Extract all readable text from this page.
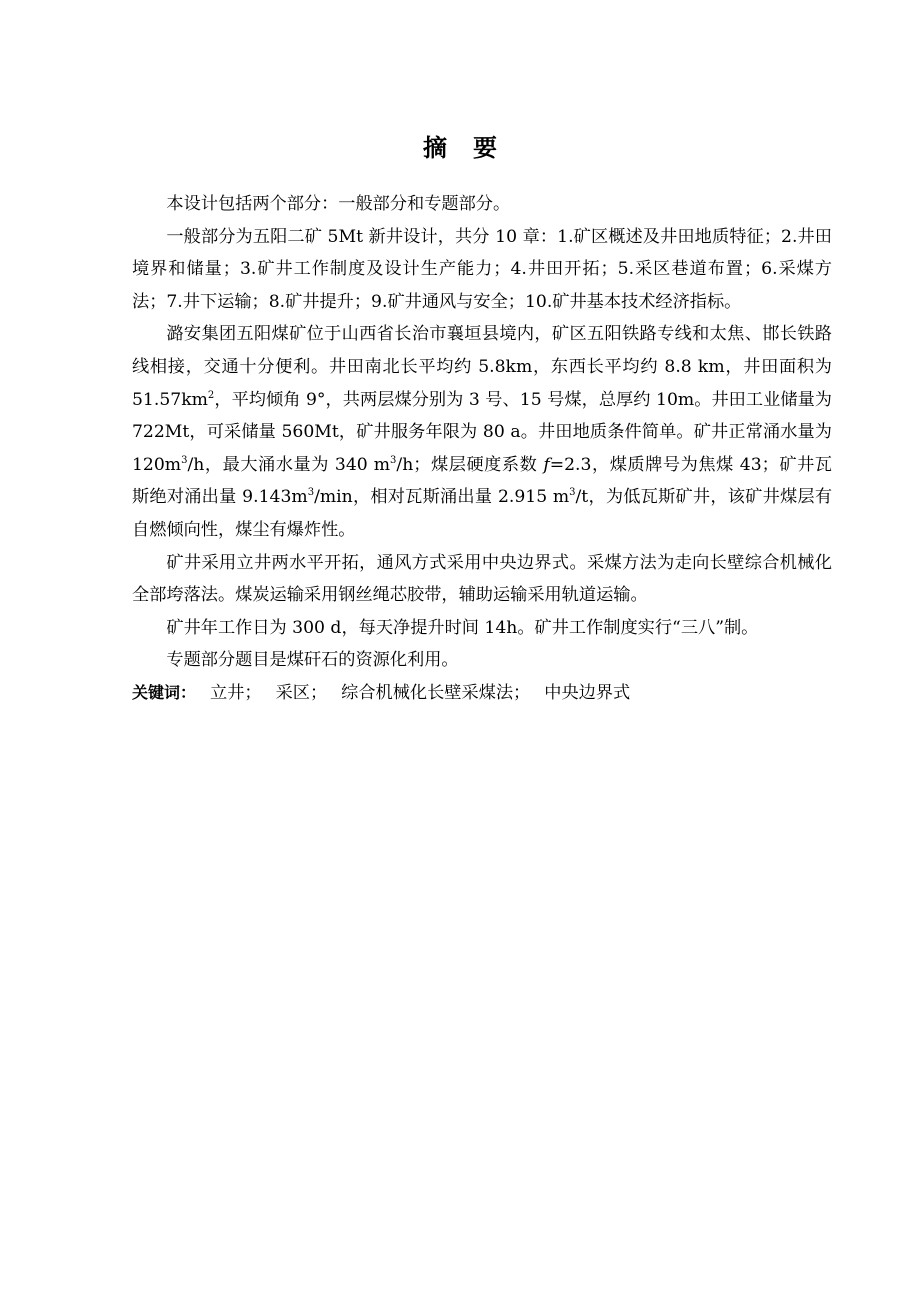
摘 要

本设计包括两个部分：一般部分和专题部分。

一般部分为五阳二矿 5Mt 新井设计，共分 10 章：1.矿区概述及井田地质特征；2.井田境界和储量；3.矿井工作制度及设计生产能力；4.井田开拓；5.采区巷道布置；6.采煤方法；7.井下运输；8.矿井提升；9.矿井通风与安全；10.矿井基本技术经济指标。

潞安集团五阳煤矿位于山西省长治市襄垣县境内，矿区五阳铁路专线和太焦、邯长铁路线相接，交通十分便利。井田南北长平均约 5.8km，东西长平均约 8.8 km，井田面积为 $51.57km^2$，平均倾角 9°，共两层煤分别为 3 号、15 号煤，总厚约 10m。井田工业储量为 722Mt，可采储量 560Mt，矿井服务年限为 80 a。井田地质条件简单。矿井正常涌水量为 $120m^3/h$，最大涌水量为 340 $m^3/h$；煤层硬度系数 f=2.3，煤质牌号为焦煤 43；矿井瓦斯绝对涌出量 $9.143m^3/\min$，相对瓦斯涌出量 2.915 $m^3/t$，为低瓦斯矿井，该矿井煤层有自燃倾向性，煤尘有爆炸性。

矿井采用立井两水平开拓，通风方式采用中央边界式。采煤方法为走向长壁综合机械化全部垮落法。煤炭运输采用钢丝绳芯胶带，辅助运输采用轨道运输。

矿井年工作日为 300 d，每天净提升时间 14h。矿井工作制度实行“三八”制。

专题部分题目是煤矸石的资源化利用。

关键词： 立井； 采区； 综合机械化长壁采煤法； 中央边界式
